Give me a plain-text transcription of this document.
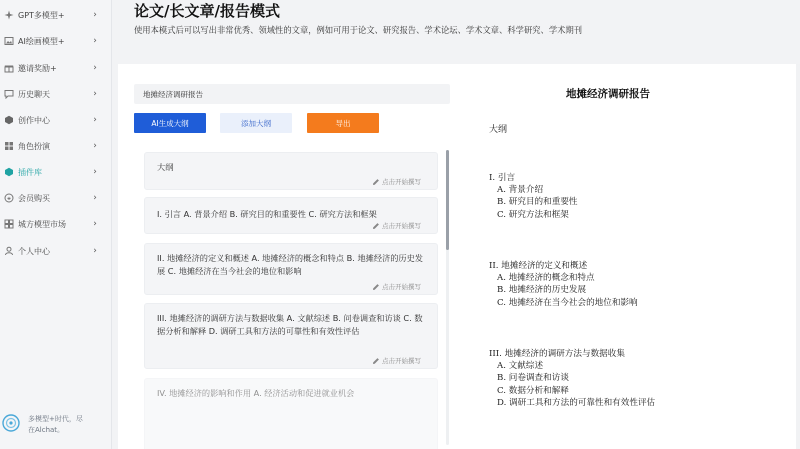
GPT多模型+	›
AI绘画模型+	›
邀请奖励+	›
历史聊天	›
创作中心	›
角色扮演	›
插件库	›
会员购买	›
城方模型市场	›
个人中心	›
多模型+时代，尽
在Alchat。
论文/长文章/报告模式
使用本模式后可以写出非常优秀、领域性的文章，例如可用于论文、研究报告、学术论坛、学术文章、科学研究、学术期刊
地摊经济调研报告
AI生成大纲	添加大纲	导出
大纲
点击开始撰写
I. 引言 A. 背景介绍 B. 研究目的和重要性 C. 研究方法和框架
点击开始撰写
II. 地摊经济的定义和概述 A. 地摊经济的概念和特点 B. 地摊经济的历史发展 C. 地摊经济在当今社会的地位和影响
点击开始撰写
III. 地摊经济的调研方法与数据收集 A. 文献综述 B. 问卷调查和访谈 C. 数据分析和解释 D. 调研工具和方法的可靠性和有效性评估
点击开始撰写
IV. 地摊经济的影响和作用 A. 经济活动和促进就业机会
地摊经济调研报告
大纲
I. 引言
A. 背景介绍
B. 研究目的和重要性
C. 研究方法和框架
II. 地摊经济的定义和概述
A. 地摊经济的概念和特点
B. 地摊经济的历史发展
C. 地摊经济在当今社会的地位和影响
III. 地摊经济的调研方法与数据收集
A. 文献综述
B. 问卷调查和访谈
C. 数据分析和解释
D. 调研工具和方法的可靠性和有效性评估
